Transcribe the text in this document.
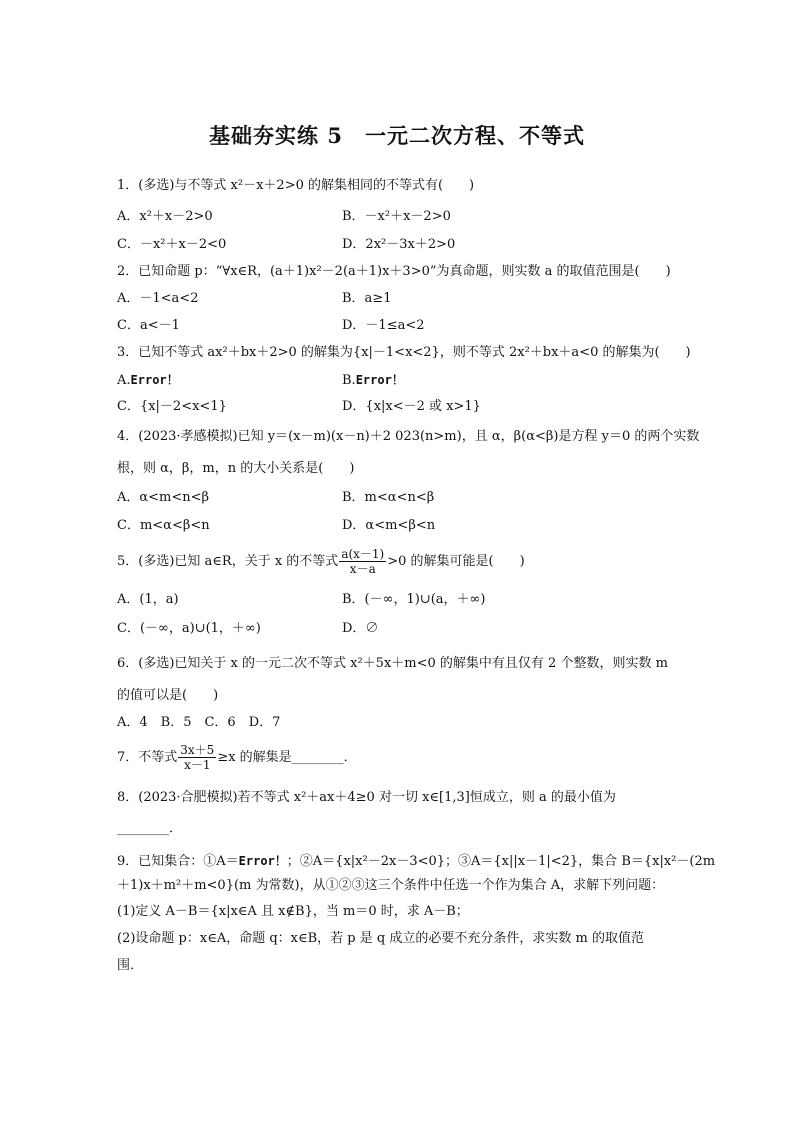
基础夯实练 5　一元二次方程、不等式
1．(多选)与不等式 x²－x＋2>0 的解集相同的不等式有(　　)
A．x²＋x－2>0	B．－x²＋x－2>0
C．－x²＋x－2<0	D．2x²－3x＋2>0
2．已知命题 p：“∀x∈R，(a＋1)x²－2(a＋1)x＋3>0”为真命题，则实数 a 的取值范围是(　　)
A．－1<a<2	B．a≥1
C．a<－1	D．－1≤a<2
3．已知不等式 ax²＋bx＋2>0 的解集为{x|－1<x<2}，则不等式 2x²＋bx＋a<0 的解集为(　　)
A.Error！	B.Error！
C．{x|－2<x<1}	D．{x|x<－2 或 x>1}
4．(2023·孝感模拟)已知 y＝(x－m)(x－n)＋2 023(n>m)，且 α，β(α<β)是方程 y＝0 的两个实数
根，则 α，β，m，n 的大小关系是(　　)
A．α<m<n<β	B．m<α<n<β
C．m<α<β<n	D．α<m<β<n
5．(多选)已知 a∈R，关于 x 的不等式 $\frac{a(x-1)}{x-a} >0$ 的解集可能是(　　)
A．(1，a)	B．(－∞，1)∪(a，＋∞)
C．(－∞，a)∪(1，＋∞)	D．∅
6．(多选)已知关于 x 的一元二次不等式 x²＋5x＋m<0 的解集中有且仅有 2 个整数，则实数 m
的值可以是(　　)
A．4　B．5　C．6　D．7
7．不等式 $\frac{3x+5}{x-1} \ge x$ 的解集是________．
8．(2023·合肥模拟)若不等式 x²＋ax＋4≥0 对一切 x∈[1,3]恒成立，则 a 的最小值为
________．
9．已知集合：①A＝Error！；②A＝{x|x²－2x－3<0}；③A＝{x||x－1|<2}，集合 B＝{x|x²－(2m
＋1)x＋m²＋m<0}(m 为常数)，从①②③这三个条件中任选一个作为集合 A，求解下列问题：
(1)定义 A－B＝{x|x∈A 且 x∉B}，当 m＝0 时，求 A－B；
(2)设命题 p：x∈A，命题 q：x∈B，若 p 是 q 成立的必要不充分条件，求实数 m 的取值范
围．
